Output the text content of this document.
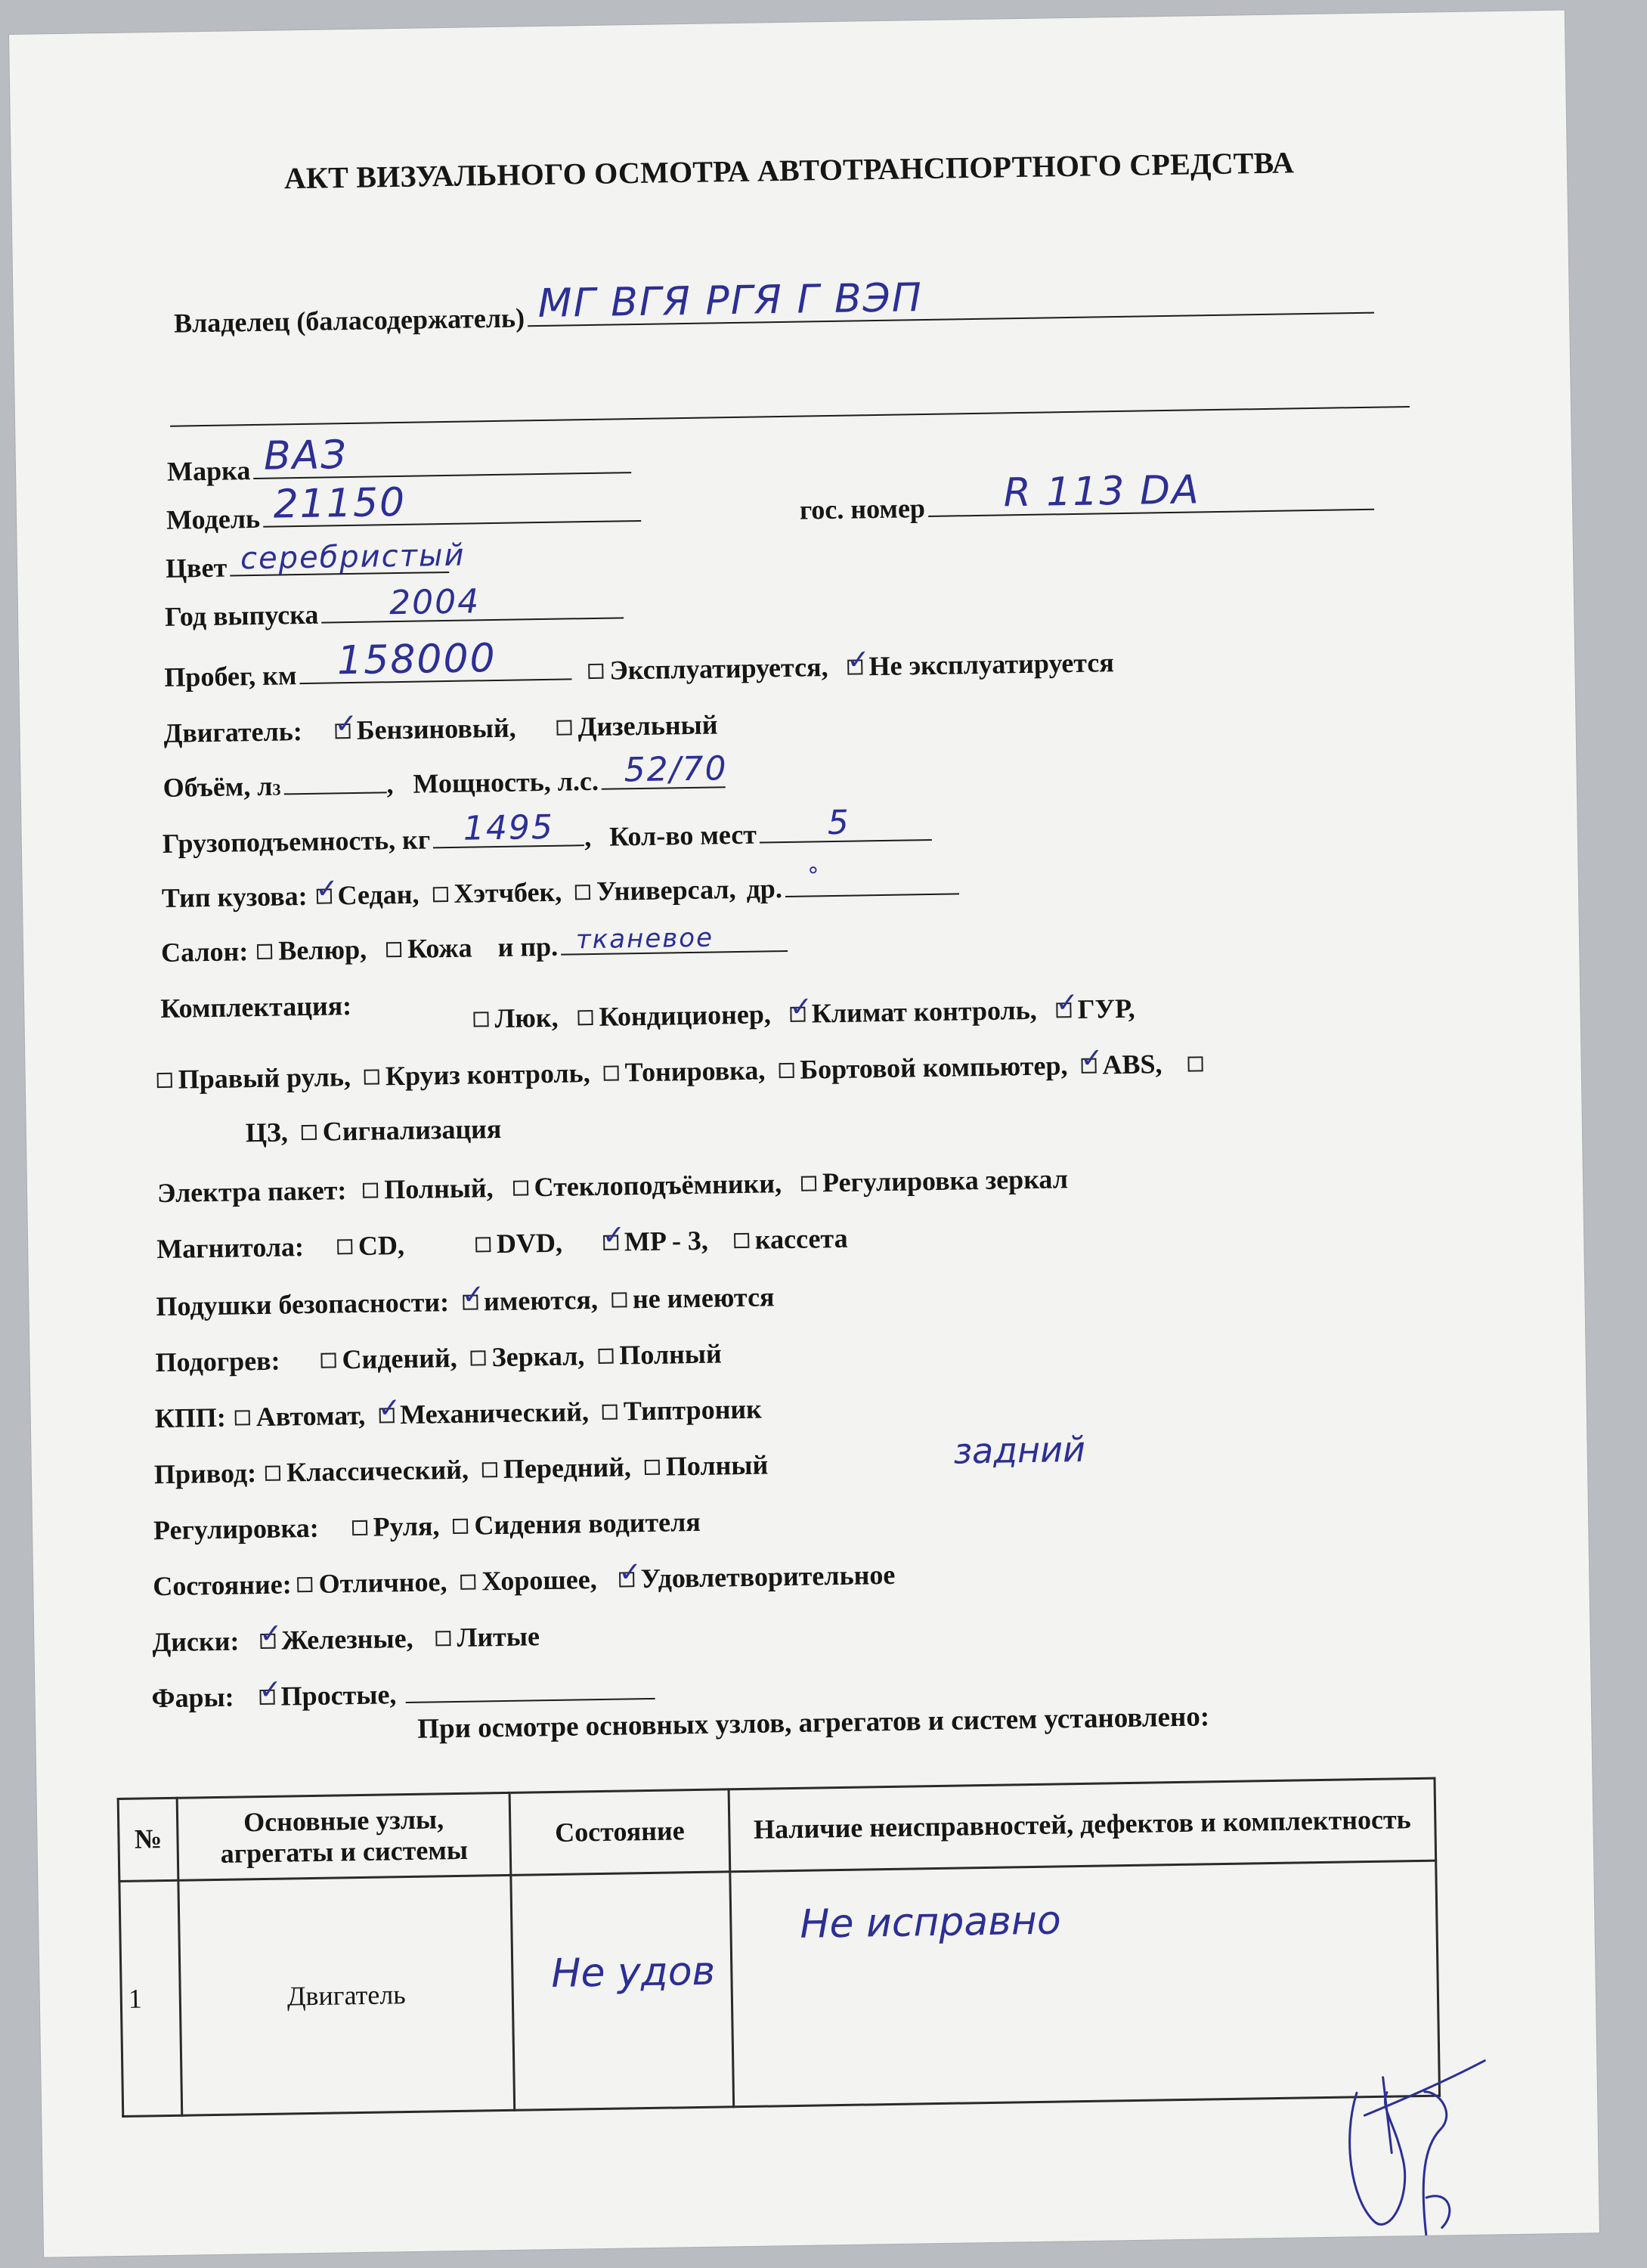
АКТ ВИЗУАЛЬНОГО ОСМОТРА АВТОТРАНСПОРТНОГО СРЕДСТВА
Владелец (баласодержатель) МГ ВГЯ РГЯ Г ВЭП
Марка ВАЗ
Модель 21150	гос. номер R 113 DA
Цвет серебристый
Год выпуска 2004
Пробег, км 158000	Эксплуатируется, ✓	Не эксплуатируется
Двигатель: ✓	Бензиновый,	Дизельный
Объём, л 3	, Мощность, л.с. 52/70
Грузоподъемность, кг 1495 , Кол-во мест 5
Тип кузова: ✓	Седан,	Хэтчбек,	Универсал, др. °
Салон:	Велюр,	Кожа и пр. тканевое
Комплектация:	Люк,	Кондиционер, ✓	Климат контроль, ✓	ГУР,
Правый руль,	Круиз контроль,	Тонировка,	Бортовой компьютер, ✓	ABS,
ЦЗ,	Сигнализация
Электра пакет:	Полный,	Стеклоподъёмники,	Регулировка зеркал
Магнитола:	CD,	DVD, ✓	MP - 3,	кассета
Подушки безопасности: ✓	имеются,	не имеются
Подогрев:	Сидений,	Зеркал,	Полный
КПП:	Автомат, ✓	Механический,	Типтроник
Привод:	Классический,	Передний,	Полный	задний
Регулировка:	Руля,	Сидения водителя
Состояние: Отличное,	Хорошее, ✓	Удовлетворительное
Диски: ✓	Железные,	Литые
Фары: ✓	Простые,
При осмотре основных узлов, агрегатов и систем установлено:
№	Основные узлы, агрегаты и системы	Состояние	Наличие неисправностей, дефектов и комплектность
1	Двигатель	Не удов	Не исправно
